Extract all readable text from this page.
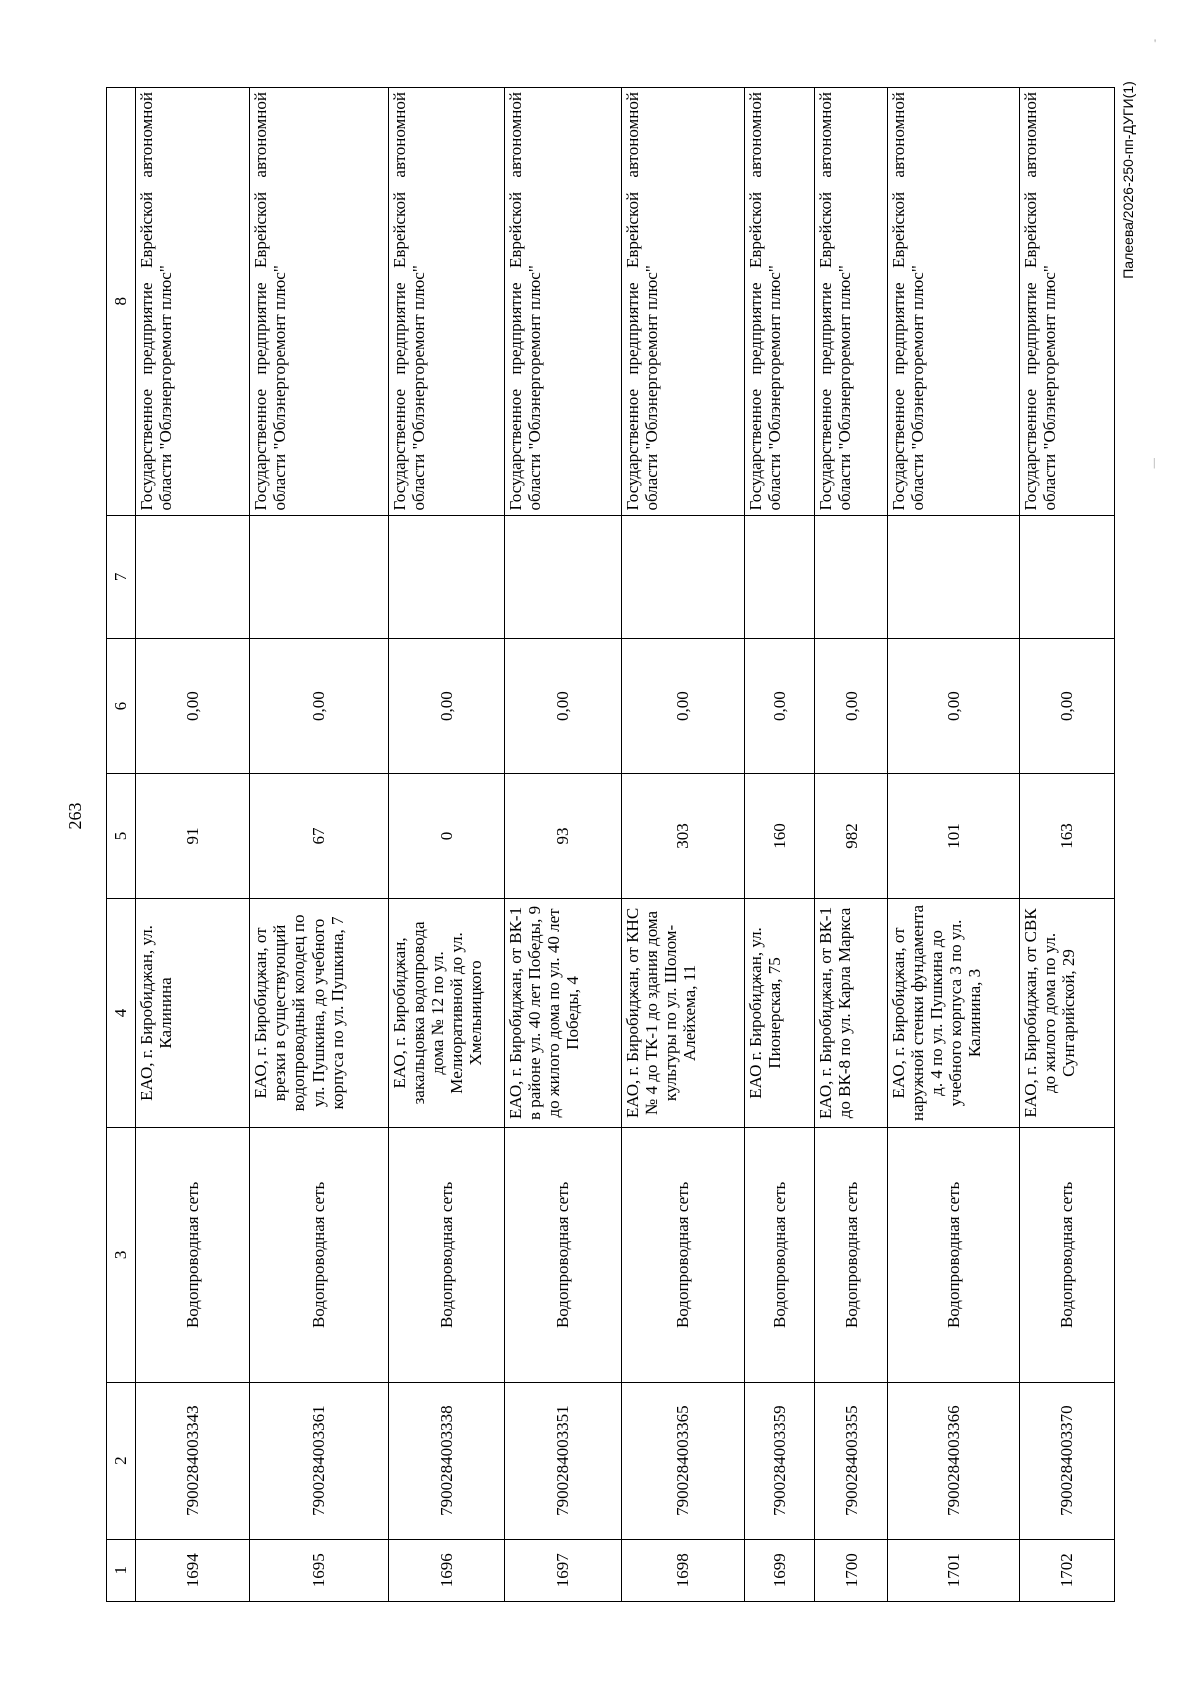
263
Палеева/2026-250-пп-ДУГИ(1)
'
|
1	2	3	4	5	6	7	8
1694	7900284003343	Водопроводная сеть	ЕАО, г. Биробиджан, ул. Калинина	91	0,00		Государственное предприятие Еврейской автономной области "Облэнергоремонт плюс"
1695	7900284003361	Водопроводная сеть	ЕАО, г. Биробиджан, от врезки в существующий водопроводный колодец по ул. Пушкина, до учебного корпуса по ул. Пушкина, 7	67	0,00		Государственное предприятие Еврейской автономной области "Облэнергоремонт плюс"
1696	7900284003338	Водопроводная сеть	ЕАО, г. Биробиджан, закальцовка водопровода дома № 12 по ул. Мелиоративной до ул. Хмельницкого	0	0,00		Государственное предприятие Еврейской автономной области "Облэнергоремонт плюс"
1697	7900284003351	Водопроводная сеть	ЕАО, г. Биробиджан, от ВК-1 в районе ул. 40 лет Победы, 9 до жилого дома по ул. 40 лет Победы, 4	93	0,00		Государственное предприятие Еврейской автономной области "Облэнергоремонт плюс"
1698	7900284003365	Водопроводная сеть	ЕАО, г. Биробиджан, от КНС № 4 до ТК-1 до здания дома культуры по ул. Шолом-Алейхема, 11	303	0,00		Государственное предприятие Еврейской автономной области "Облэнергоремонт плюс"
1699	7900284003359	Водопроводная сеть	ЕАО г. Биробиджан, ул. Пионерская, 75	160	0,00		Государственное предприятие Еврейской автономной области "Облэнергоремонт плюс"
1700	7900284003355	Водопроводная сеть	ЕАО, г. Биробиджан, от ВК-1 до ВК-8 по ул. Карла Маркса	982	0,00		Государственное предприятие Еврейской автономной области "Облэнергоремонт плюс"
1701	7900284003366	Водопроводная сеть	ЕАО, г. Биробиджан, от наружной стенки фундамента д. 4 по ул. Пушкина до учебного корпуса 3 по ул. Калинина, 3	101	0,00		Государственное предприятие Еврейской автономной области "Облэнергоремонт плюс"
1702	7900284003370	Водопроводная сеть	ЕАО, г. Биробиджан, от СВК до жилого дома по ул. Сунгарийской, 29	163	0,00		Государственное предприятие Еврейской автономной области "Облэнергоремонт плюс"
